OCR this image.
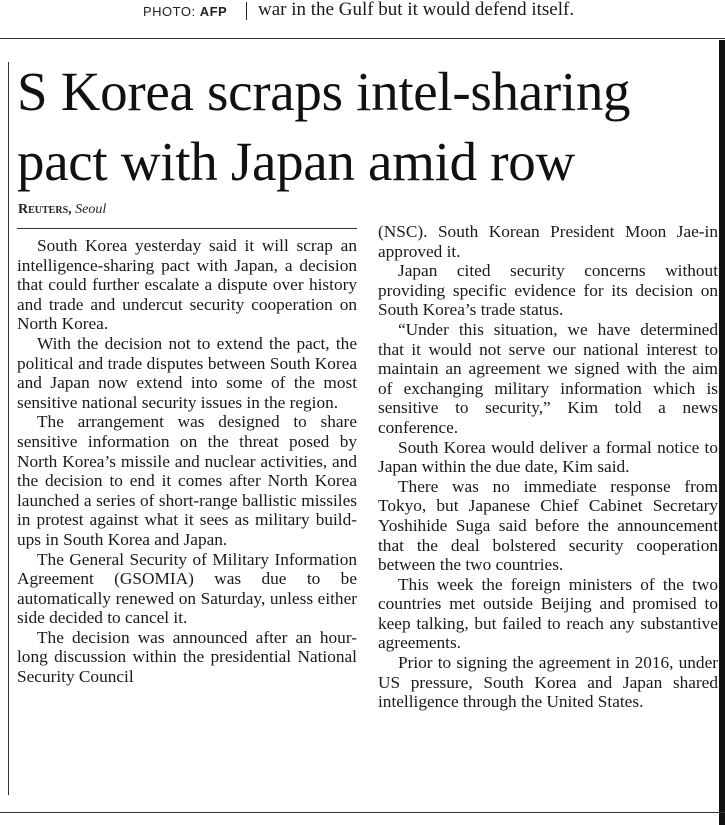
PHOTO: AFP war in the Gulf but it would defend itself.
S Korea scraps intel-sharing pact with Japan amid row
Reuters, Seoul

South Korea yesterday said it will scrap an intelligence-sharing pact with Japan, a decision that could further escalate a dispute over history and trade and undercut security cooperation on North Korea.

With the decision not to extend the pact, the political and trade disputes between South Korea and Japan now extend into some of the most sensitive national security issues in the region.

The arrangement was designed to share sensitive information on the threat posed by North Korea’s missile and nuclear activities, and the decision to end it comes after North Korea launched a series of short-range ballistic missiles in protest against what it sees as military build-ups in South Korea and Japan.

The General Security of Military Information Agreement (GSOMIA) was due to be automatically renewed on Saturday, unless either side decided to cancel it.

The decision was announced after an hour-long discussion within the presidential National Security Council

(NSC). South Korean President Moon Jae-in approved it.

Japan cited security concerns without providing specific evidence for its decision on South Korea’s trade status.

“Under this situation, we have determined that it would not serve our national interest to maintain an agreement we signed with the aim of exchanging military information which is sensitive to security,” Kim told a news conference.

South Korea would deliver a formal notice to Japan within the due date, Kim said.

There was no immediate response from Tokyo, but Japanese Chief Cabinet Secretary Yoshihide Suga said before the announcement that the deal bolstered security cooperation between the two countries.

This week the foreign ministers of the two countries met outside Beijing and promised to keep talking, but failed to reach any substantive agreements.

Prior to signing the agreement in 2016, under US pressure, South Korea and Japan shared intelligence through the United States.
